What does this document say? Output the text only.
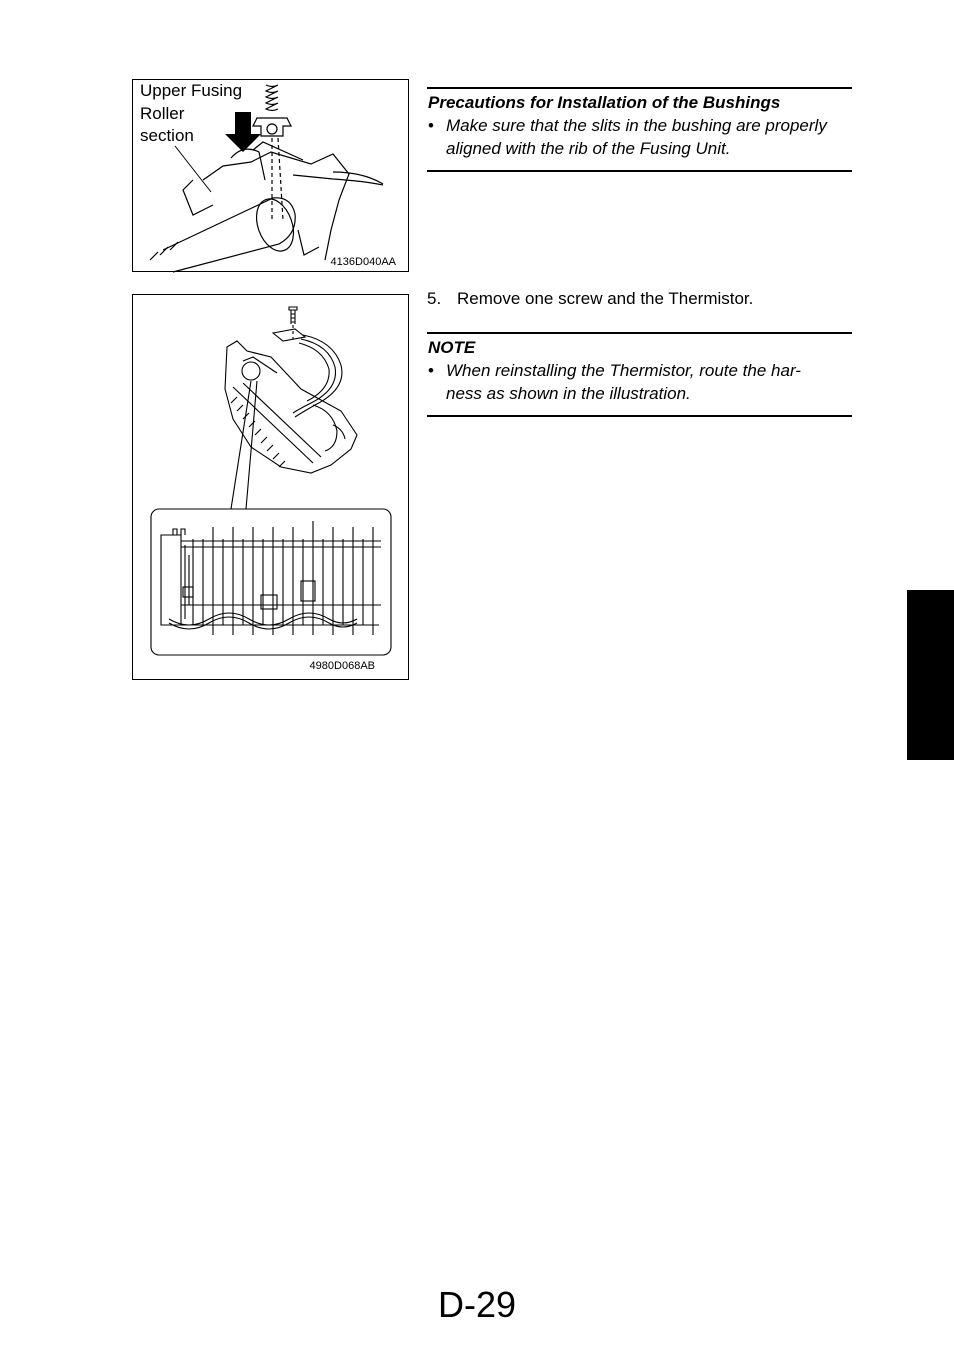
Upper Fusing
Roller
section
4136D040AA
4980D068AB
Precautions for Installation of the Bushings
• Make sure that the slits in the bushing are properly
aligned with the rib of the Fusing Unit.
5. Remove one screw and the Thermistor.
NOTE
• When reinstalling the Thermistor, route the har-
ness as shown in the illustration.
D-29
